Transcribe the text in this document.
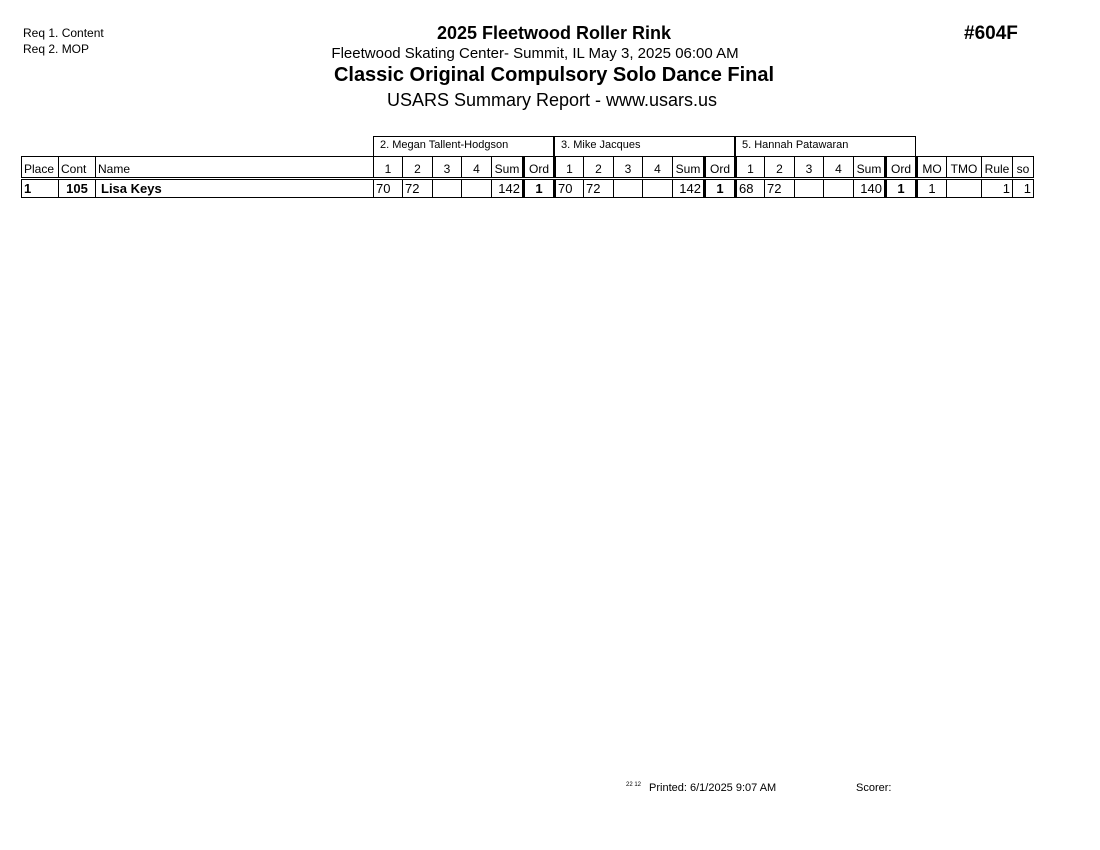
Req 1. Content
Req 2. MOP
2025 Fleetwood Roller Rink
Fleetwood Skating Center- Summit, IL May 3, 2025 06:00 AM
Classic Original Compulsory Solo Dance Final
USARS Summary Report - www.usars.us
#604F
2. Megan Tallent-Hodgson	3. Mike Jacques	5. Hannah Patawaran
Place	Cont	Name	1	2	3	4	Sum	Ord	1	2	3	4	Sum	Ord	1	2	3	4	Sum	Ord	MO	TMO	Rule	so
1	105	Lisa Keys	70	72			142	1	70	72			142	1	68	72			140	1	1		1	1
$^{22 12}$ Printed: 6/1/2025 9:07 AM	Scorer:
